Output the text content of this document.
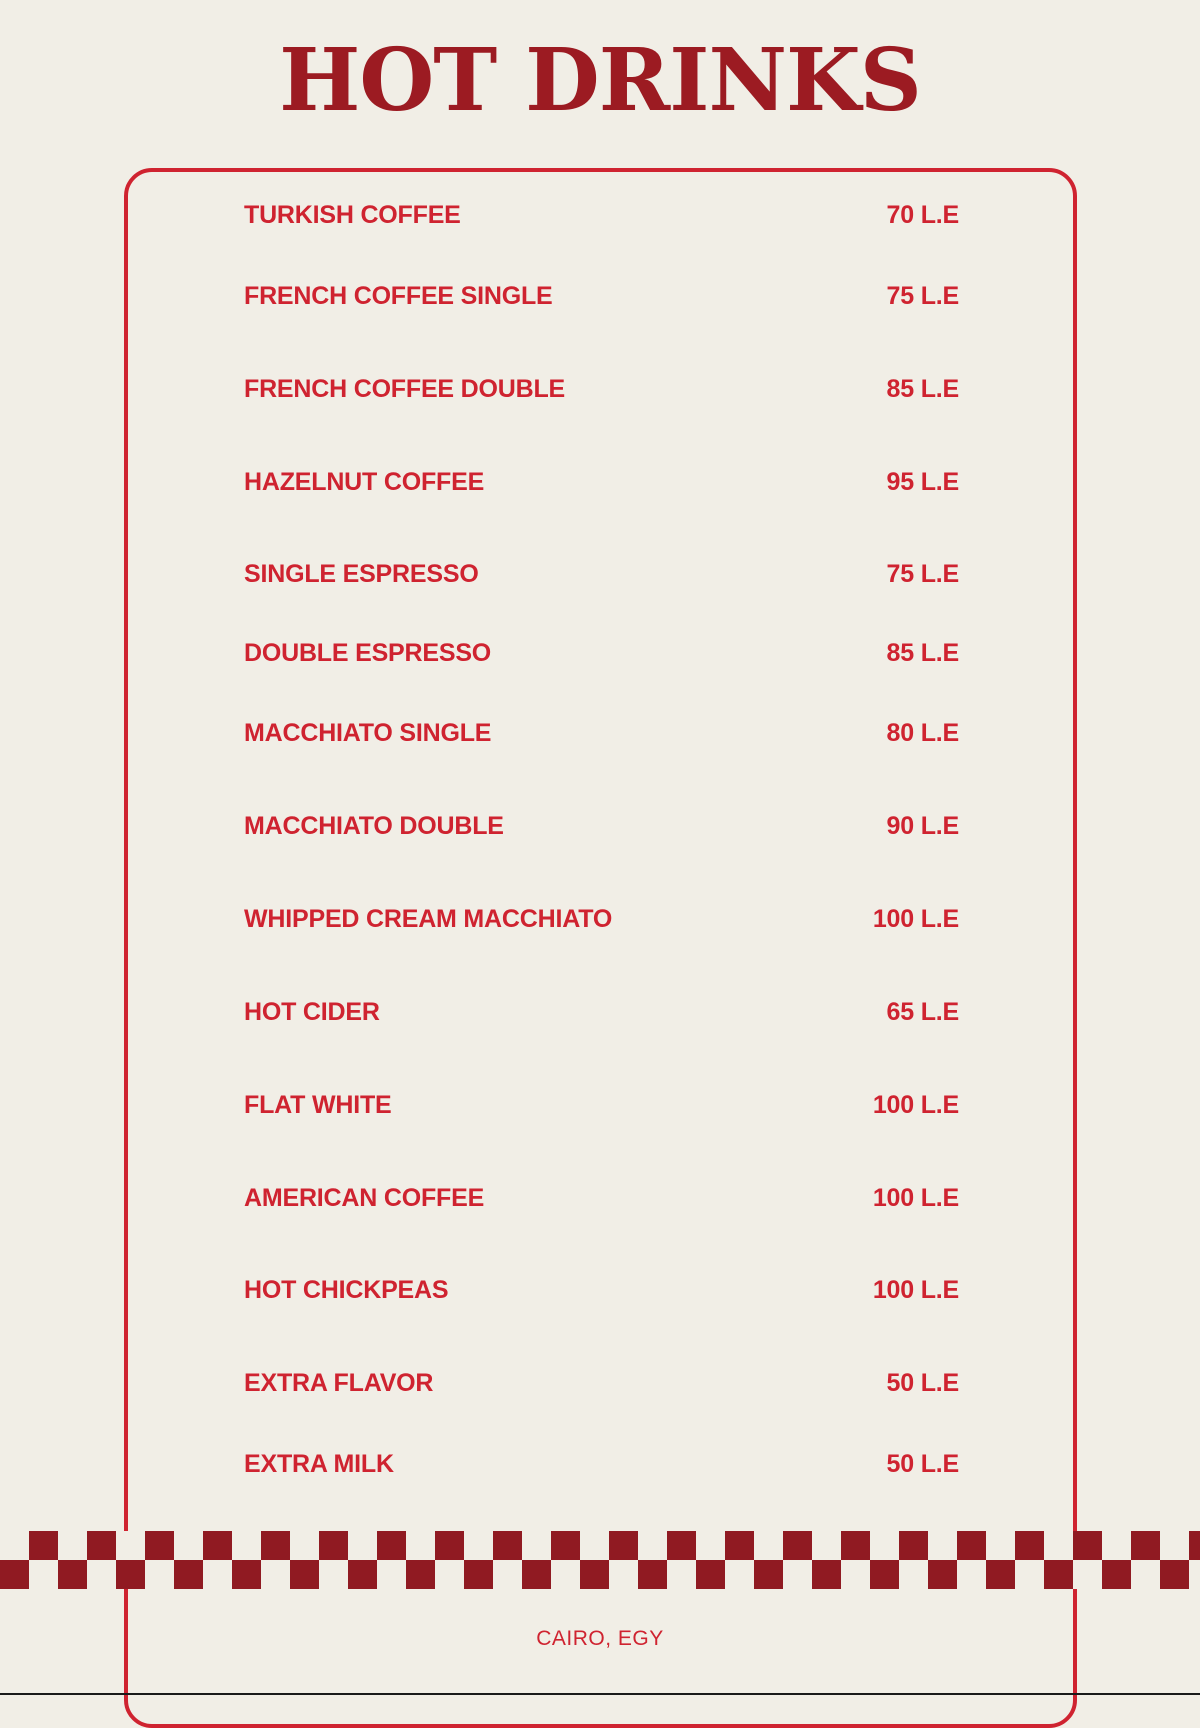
HOT DRINKS
TURKISH COFFEE	70 L.E
FRENCH COFFEE SINGLE	75 L.E
FRENCH COFFEE DOUBLE	85 L.E
HAZELNUT COFFEE	95 L.E
SINGLE ESPRESSO	75 L.E
DOUBLE ESPRESSO	85 L.E
MACCHIATO SINGLE	80 L.E
MACCHIATO DOUBLE	90 L.E
WHIPPED CREAM MACCHIATO	100 L.E
HOT CIDER	65 L.E
FLAT WHITE	100 L.E
AMERICAN COFFEE	100 L.E
HOT CHICKPEAS	100 L.E
EXTRA FLAVOR	50 L.E
EXTRA MILK	50 L.E
CAIRO, EGY
